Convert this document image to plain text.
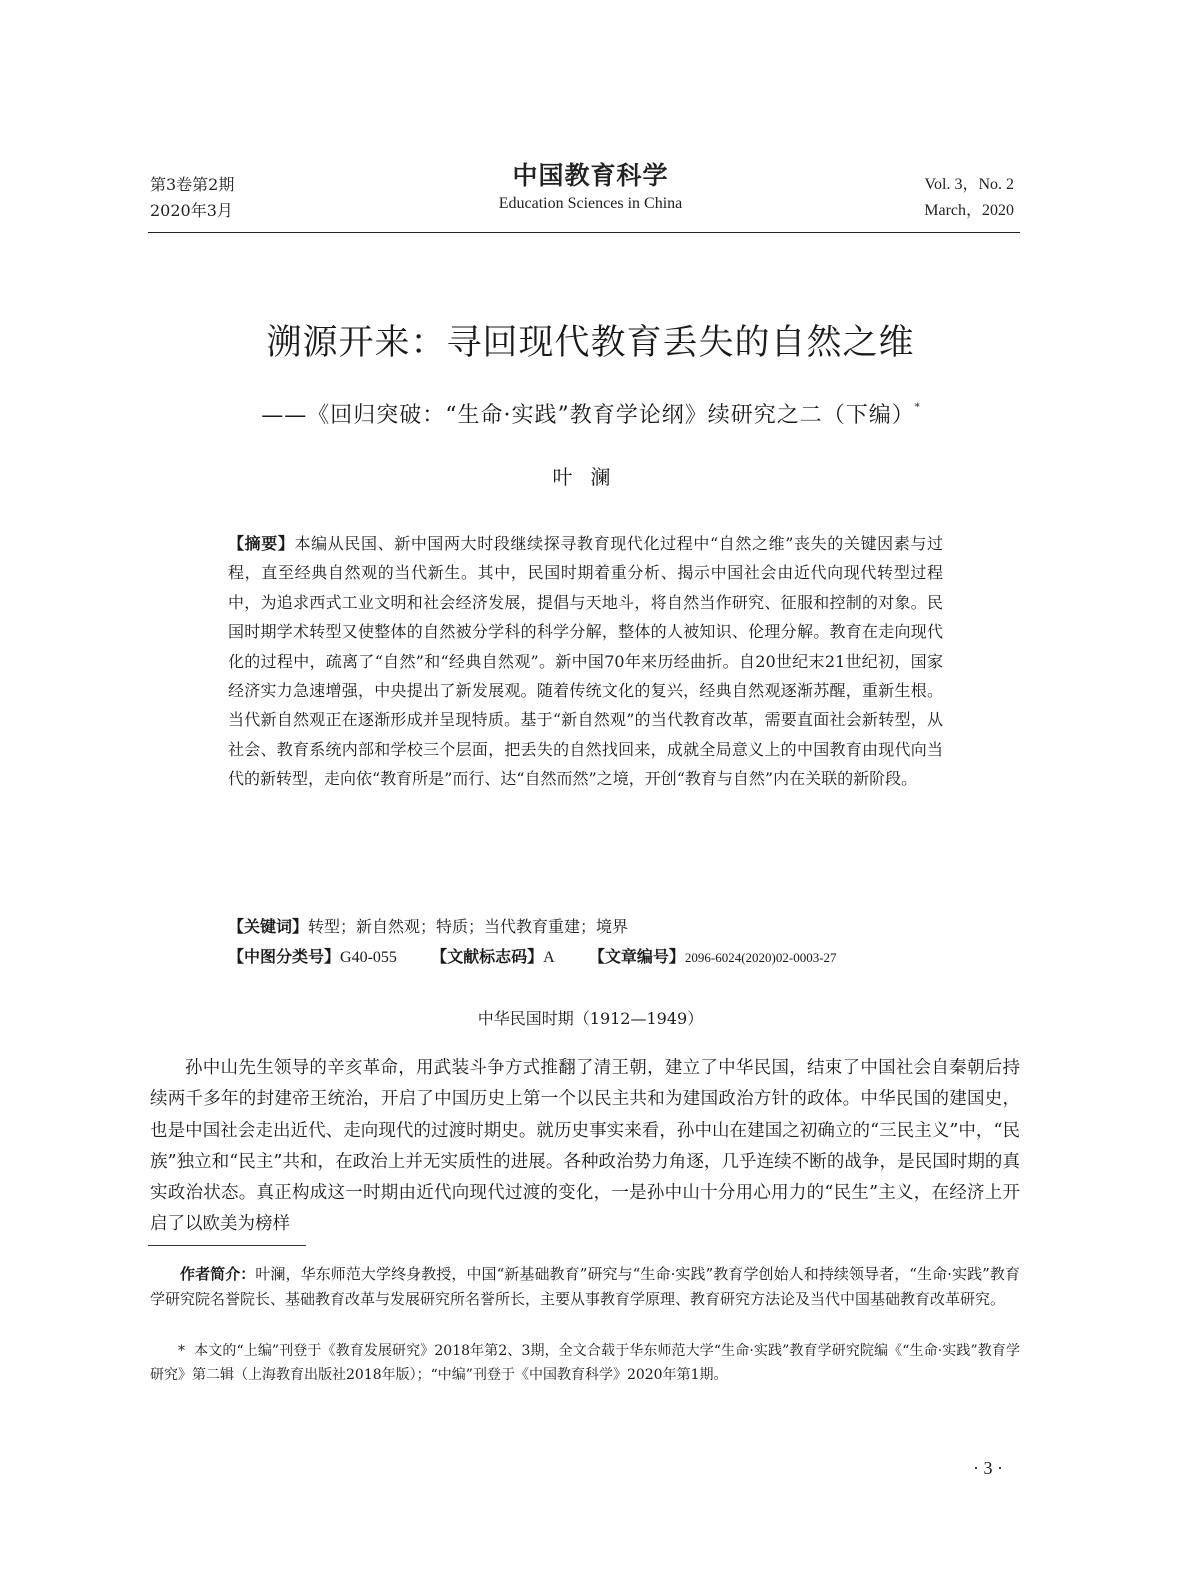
第3卷第2期
2020年3月
中国教育科学
Education Sciences in China
Vol. 3，No. 2
March，2020
溯源开来：寻回现代教育丢失的自然之维
——《回归突破：“生命·实践”教育学论纲》续研究之二（下编）*
叶澜
【摘要】本编从民国、新中国两大时段继续探寻教育现代化过程中“自然之维”丧失的关键因素与过程，直至经典自然观的当代新生。其中，民国时期着重分析、揭示中国社会由近代向现代转型过程中，为追求西式工业文明和社会经济发展，提倡与天地斗，将自然当作研究、征服和控制的对象。民国时期学术转型又使整体的自然被分学科的科学分解，整体的人被知识、伦理分解。教育在走向现代化的过程中，疏离了“自然”和“经典自然观”。新中国70年来历经曲折。自20世纪末21世纪初，国家经济实力急速增强，中央提出了新发展观。随着传统文化的复兴，经典自然观逐渐苏醒，重新生根。当代新自然观正在逐渐形成并呈现特质。基于“新自然观”的当代教育改革，需要直面社会新转型，从社会、教育系统内部和学校三个层面，把丢失的自然找回来，成就全局意义上的中国教育由现代向当代的新转型，走向依“教育所是”而行、达“自然而然”之境，开创“教育与自然”内在关联的新阶段。
【关键词】转型；新自然观；特质；当代教育重建；境界
【中图分类号】G40-055 【文献标志码】A 【文章编号】2096-6024(2020)02-0003-27
中华民国时期（1912—1949）
孙中山先生领导的辛亥革命，用武装斗争方式推翻了清王朝，建立了中华民国，结束了中国社会自秦朝后持续两千多年的封建帝王统治，开启了中国历史上第一个以民主共和为建国政治方针的政体。中华民国的建国史，也是中国社会走出近代、走向现代的过渡时期史。就历史事实来看，孙中山在建国之初确立的“三民主义”中，“民族”独立和“民主”共和，在政治上并无实质性的进展。各种政治势力角逐，几乎连续不断的战争，是民国时期的真实政治状态。真正构成这一时期由近代向现代过渡的变化，一是孙中山十分用心用力的“民生”主义，在经济上开启了以欧美为榜样
作者简介：叶澜，华东师范大学终身教授，中国“新基础教育”研究与“生命·实践”教育学创始人和持续领导者，“生命·实践”教育学研究院名誉院长、基础教育改革与发展研究所名誉所长，主要从事教育学原理、教育研究方法论及当代中国基础教育改革研究。
* 本文的“上编”刊登于《教育发展研究》2018年第2、3期，全文合载于华东师范大学“生命·实践”教育学研究院编《“生命·实践”教育学研究》第二辑（上海教育出版社2018年版）；“中编”刊登于《中国教育科学》2020年第1期。
· 3 ·
